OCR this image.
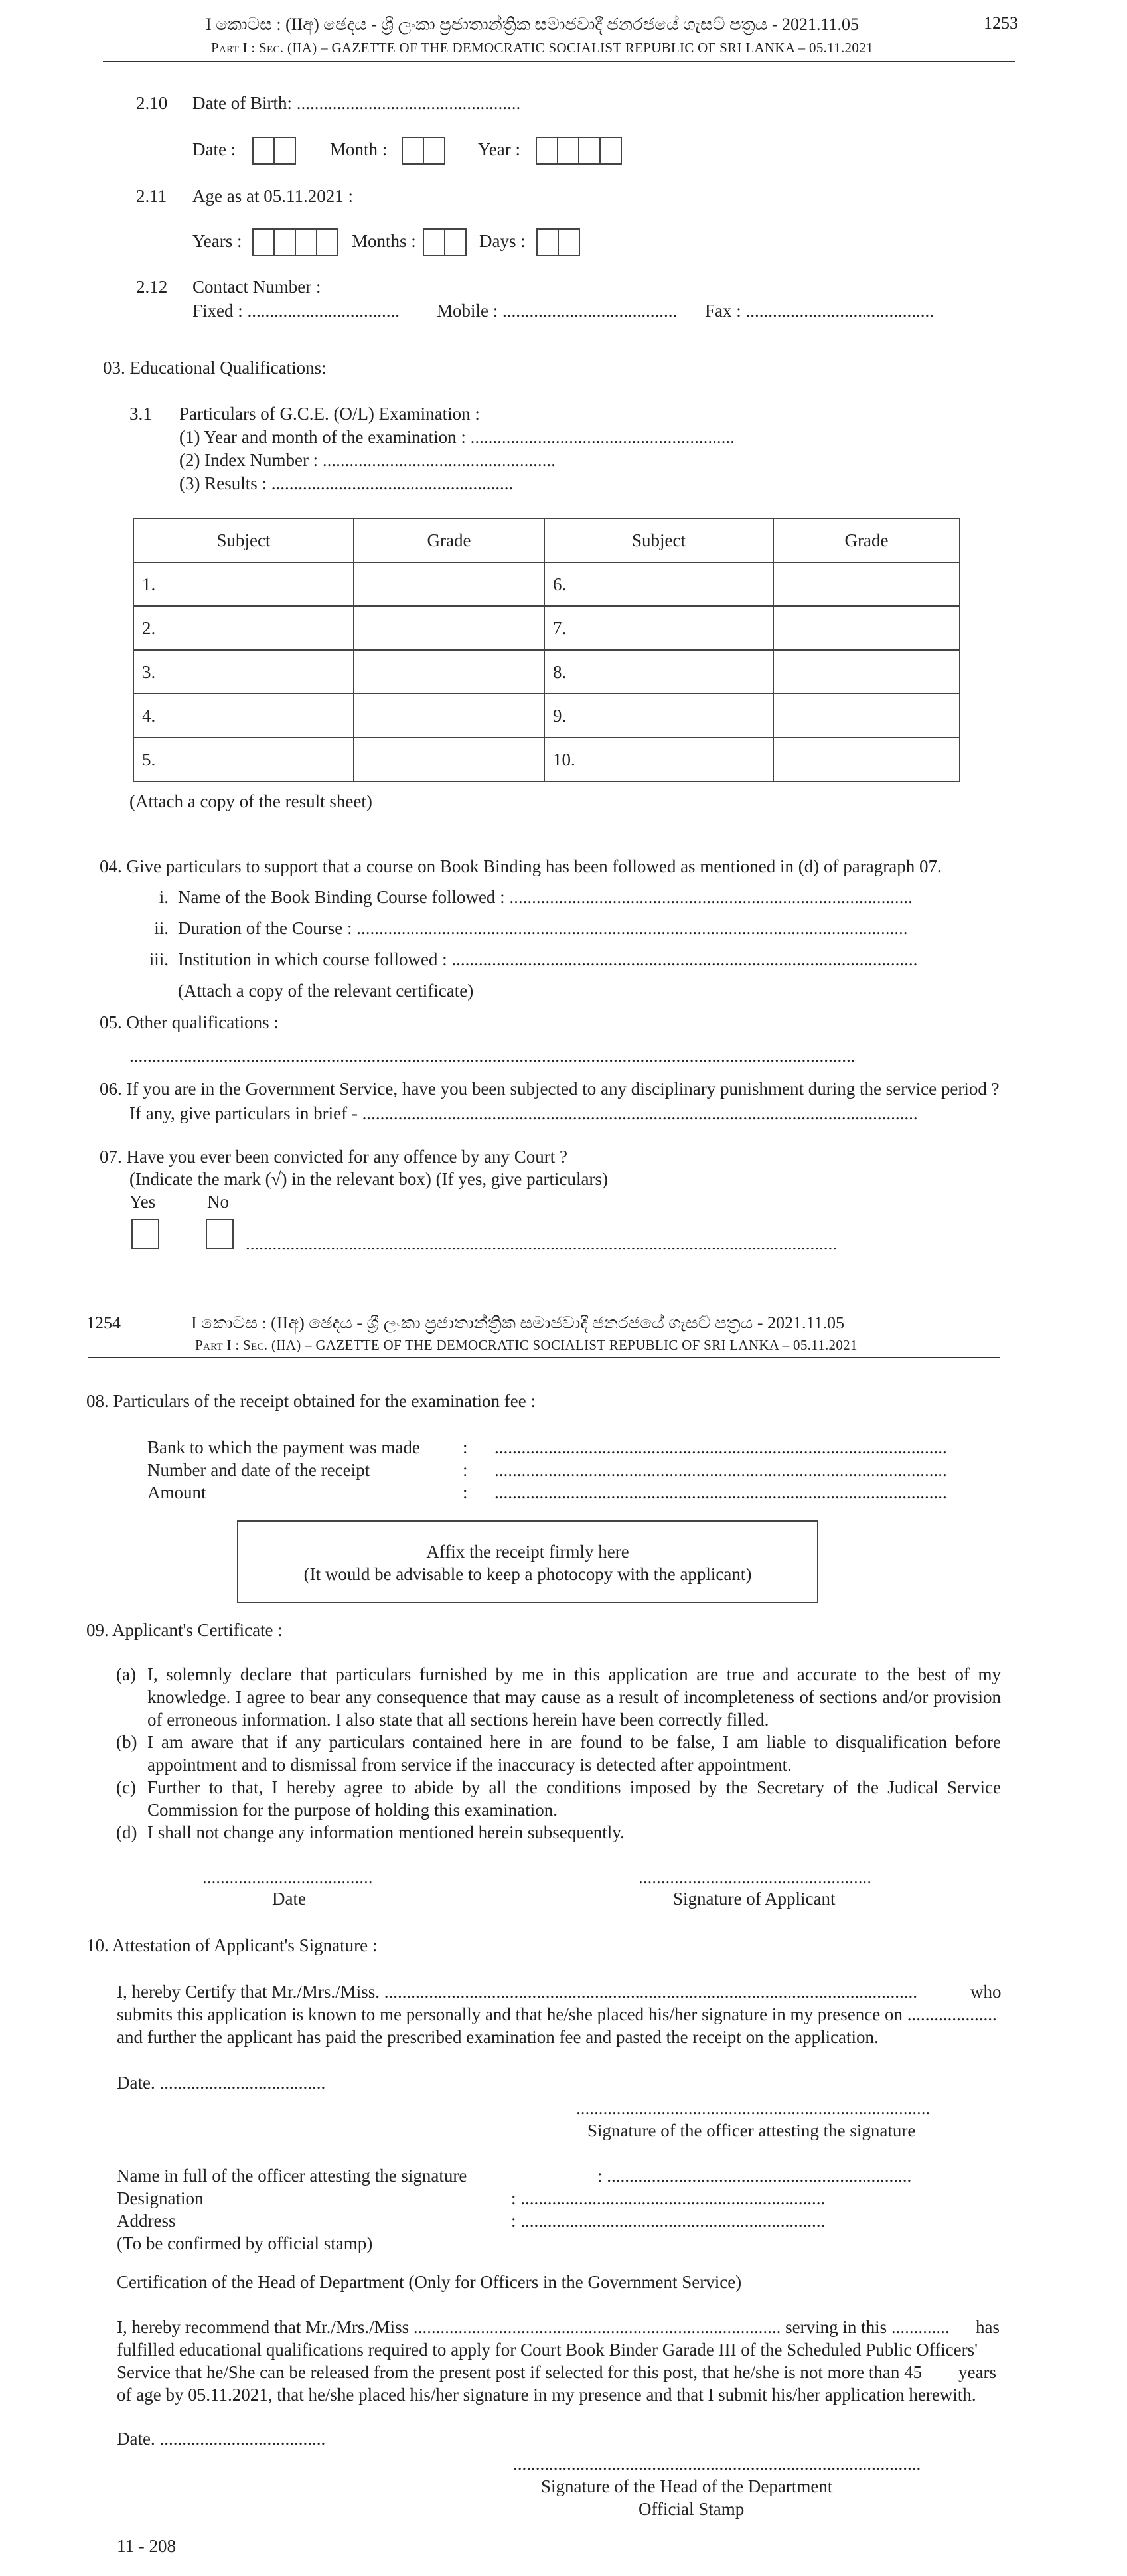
I කොටස : (IIඅ) ඡෙදය - ශ්‍රී ලංකා ප්‍රජාතාන්ත්‍රික සමාජවාදී ජනරජයේ ගැසට් පත්‍රය - 2021.11.05	1253
Part I : Sec. (IIA) – GAZETTE OF THE DEMOCRATIC SOCIALIST REPUBLIC OF SRI LANKA – 05.11.2021
2.10 Date of Birth: ..................................................
Date :	Month :	Year :
2.11 Age as at 05.11.2021 :
Years :	Months :	Days :
2.12 Contact Number :
Fixed : .................................. Mobile : ....................................... Fax : ..........................................
03. Educational Qualifications:
3.1 Particulars of G.C.E. (O/L) Examination :
(1) Year and month of the examination : ...........................................................
(2) Index Number : ....................................................
(3) Results : ......................................................
Subject	Grade	Subject	Grade
1.		6.	
2.		7.	
3.		8.	
4.		9.	
5.		10.	
(Attach a copy of the result sheet)
04. Give particulars to support that a course on Book Binding has been followed as mentioned in (d) of paragraph 07.
i. Name of the Book Binding Course followed : ..........................................................................................
ii. Duration of the Course : ...........................................................................................................................
iii. Institution in which course followed : ........................................................................................................
(Attach a copy of the relevant certificate)
05. Other qualifications :
..................................................................................................................................................................
06. If you are in the Government Service, have you been subjected to any disciplinary punishment during the service period ?
If any, give particulars in brief - ............................................................................................................................
07. Have you ever been convicted for any offence by any Court ?
(Indicate the mark (√) in the relevant box) (If yes, give particulars)
Yes	No
....................................................................................................................................
1254	I කොටස : (IIඅ) ඡෙදය - ශ්‍රී ලංකා ප්‍රජාතාන්ත්‍රික සමාජවාදී ජනරජයේ ගැසට් පත්‍රය - 2021.11.05
Part I : Sec. (IIA) – GAZETTE OF THE DEMOCRATIC SOCIALIST REPUBLIC OF SRI LANKA – 05.11.2021
08. Particulars of the receipt obtained for the examination fee :
Bank to which the payment was made : .....................................................................................................
Number and date of the receipt	: .....................................................................................................
Amount	: .....................................................................................................
Affix the receipt firmly here
(It would be advisable to keep a photocopy with the applicant)
09. Applicant's Certificate :
(a) I, solemnly declare that particulars furnished by me in this application are true and accurate to the best of my knowledge. I agree to bear any consequence that may cause as a result of incompleteness of sections and/or provision of erroneous information. I also state that all sections herein have been correctly filled.
(b) I am aware that if any particulars contained here in are found to be false, I am liable to disqualification before appointment and to dismissal from service if the inaccuracy is detected after appointment.
(c) Further to that, I hereby agree to abide by all the conditions imposed by the Secretary of the Judical Service Commission for the purpose of holding this examination.
(d) I shall not change any information mentioned herein subsequently.
......................................
Date
....................................................
Signature of Applicant
10. Attestation of Applicant's Signature :
I, hereby Certify that Mr./Mrs./Miss. .......................................................................................................................	who
submits this application is known to me personally and that he/she placed his/her signature in my presence on ....................
and further the applicant has paid the prescribed examination fee and pasted the receipt on the application.
Date. .....................................
...............................................................................
Signature of the officer attesting the signature
Name in full of the officer attesting the signature	: ....................................................................
Designation	: ....................................................................
Address	: ....................................................................
(To be confirmed by official stamp)
Certification of the Head of Department (Only for Officers in the Government Service)
I, hereby recommend that Mr./Mrs./Miss .................................................................................. serving in this ............. has
fulfilled educational qualifications required to apply for Court Book Binder Garade III of the Scheduled Public Officers'
Service that he/She can be released from the present post if selected for this post, that he/she is not more than 45 years
of age by 05.11.2021, that he/she placed his/her signature in my presence and that I submit his/her application herewith.
Date. .....................................
...........................................................................................
Signature of the Head of the Department
Official Stamp
11 - 208
